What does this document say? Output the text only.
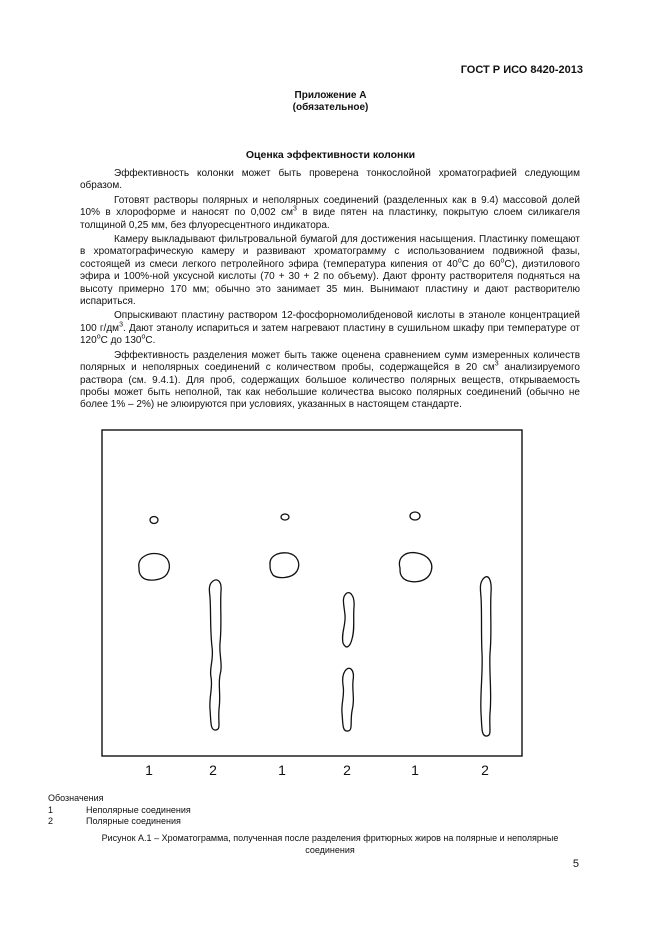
ГОСТ Р ИСО 8420-2013
Приложение А
(обязательное)
Оценка эффективности колонки

Эффективность колонки может быть проверена тонкослойной хроматографией следующим образом.

Готовят растворы полярных и неполярных соединений (разделенных как в 9.4) массовой долей 10% в хлороформе и наносят по 0,002 $см^3$ в виде пятен на пластинку, покрытую слоем силикагеля толщиной 0,25 мм, без флуоресцентного индикатора.

Камеру выкладывают фильтровальной бумагой для достижения насыщения. Пластинку помещают в хроматографическую камеру и развивают хроматограмму с использованием подвижной фазы, состоящей из смеси легкого петролейного эфира (температура кипения от $40^оС$ до $60^оС$), диэтилового эфира и 100%-ной уксусной кислоты (70 + 30 + 2 по объему). Дают фронту растворителя подняться на высоту примерно 170 мм; обычно это занимает 35 мин. Вынимают пластину и дают растворителю испариться.

Опрыскивают пластину раствором 12-фосфорномолибденовой кислоты в этаноле концентрацией 100 $г/дм^3$. Дают этанолу испариться и затем нагревают пластину в сушильном шкафу при температуре от $120^оС$ до $130^оС$.

Эффективность разделения может быть также оценена сравнением сумм измеренных количеств полярных и неполярных соединений с количеством пробы, содержащейся в 20 $см^3$ анализируемого раствора (см. 9.4.1). Для проб, содержащих большое количество полярных веществ, открываемость пробы может быть неполной, так как небольшие количества высоко полярных соединений (обычно не более 1% – 2%) не элюируются при условиях, указанных в настоящем стандарте.

1	2	1	2	1	2
Обозначения
1	Неполярные соединения
2	Полярные соединения
Рисунок А.1 – Хроматограмма, полученная после разделения фритюрных жиров на полярные и неполярные
соединения
5
